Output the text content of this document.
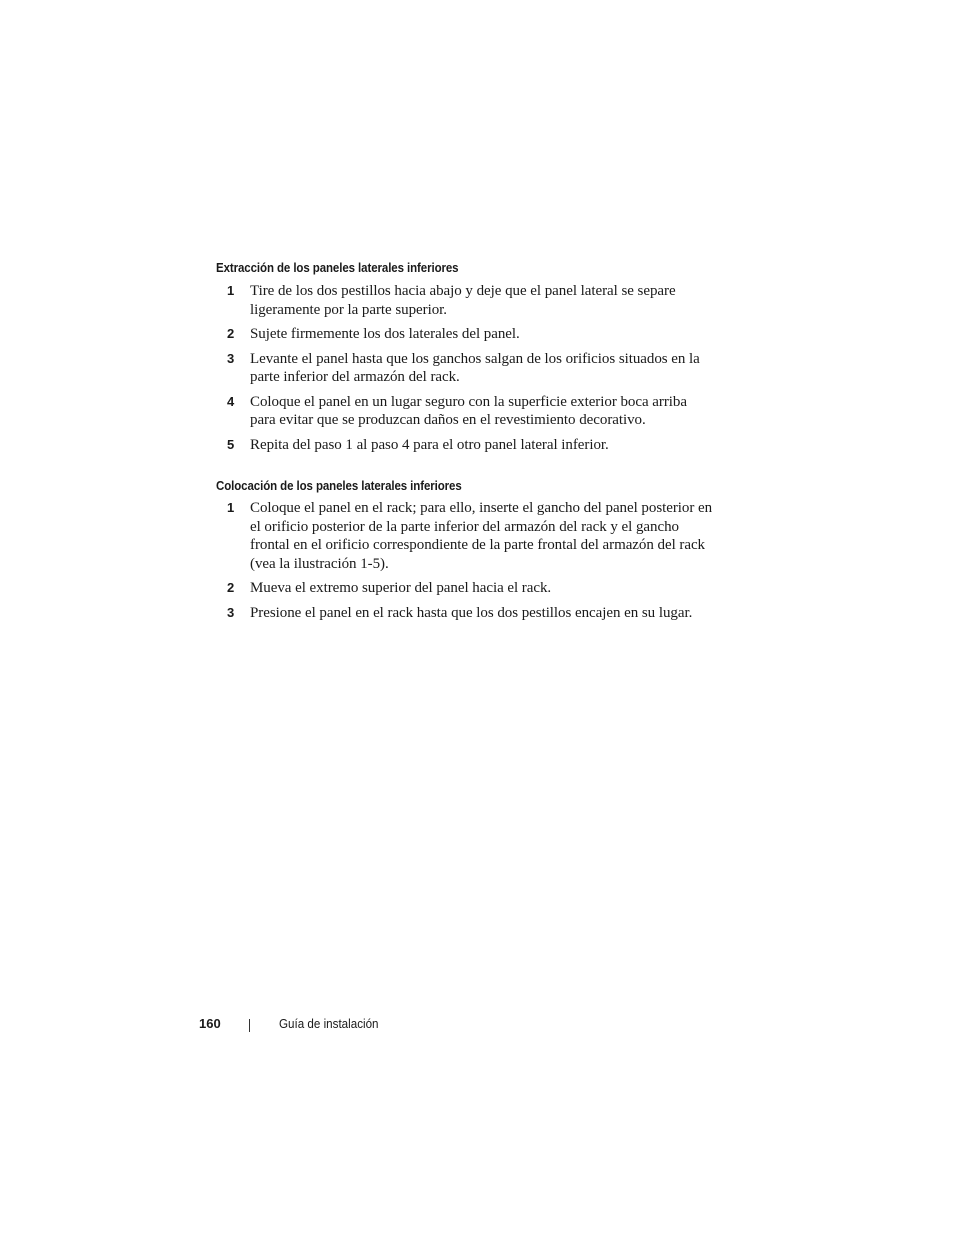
Extracción de los paneles laterales inferiores
1 Tire de los dos pestillos hacia abajo y deje que el panel lateral se separe ligeramente por la parte superior.
2 Sujete firmemente los dos laterales del panel.
3 Levante el panel hasta que los ganchos salgan de los orificios situados en la parte inferior del armazón del rack.
4 Coloque el panel en un lugar seguro con la superficie exterior boca arriba para evitar que se produzcan daños en el revestimiento decorativo.
5 Repita del paso 1 al paso 4 para el otro panel lateral inferior.
Colocación de los paneles laterales inferiores
1 Coloque el panel en el rack; para ello, inserte el gancho del panel posterior en el orificio posterior de la parte inferior del armazón del rack y el gancho frontal en el orificio correspondiente de la parte frontal del armazón del rack (vea la ilustración 1-5).
2 Mueva el extremo superior del panel hacia el rack.
3 Presione el panel en el rack hasta que los dos pestillos encajen en su lugar.
160	Guía de instalación
